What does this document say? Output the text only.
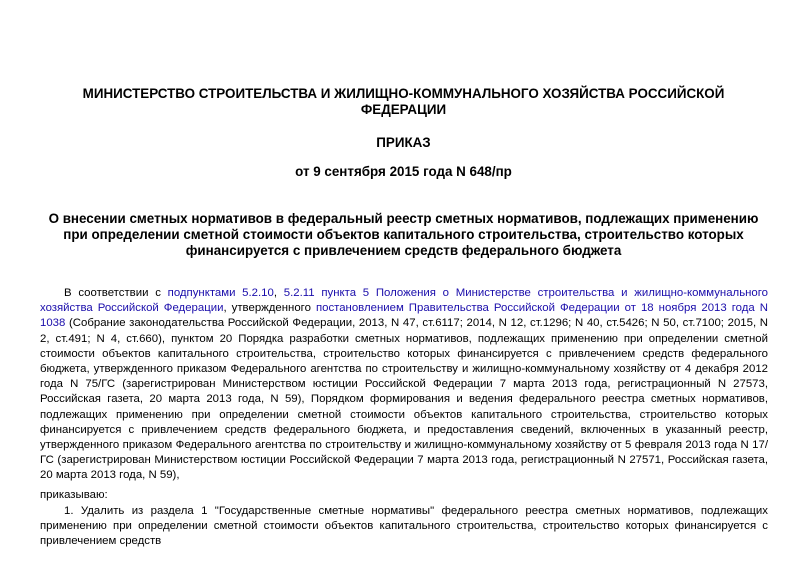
МИНИСТЕРСТВО СТРОИТЕЛЬСТВА И ЖИЛИЩНО-КОММУНАЛЬНОГО ХОЗЯЙСТВА РОССИЙСКОЙ ФЕДЕРАЦИИ

ПРИКАЗ

от 9 сентября 2015 года N 648/пр

О внесении сметных нормативов в федеральный реестр сметных нормативов, подлежащих применению при определении сметной стоимости объектов капитального строительства, строительство которых финансируется с привлечением средств федерального бюджета

В соответствии с подпунктами 5.2.10, 5.2.11 пункта 5 Положения о Министерстве строительства и жилищно-коммунального хозяйства Российской Федерации, утвержденного постановлением Правительства Российской Федерации от 18 ноября 2013 года N 1038 (Собрание законодательства Российской Федерации, 2013, N 47, ст.6117; 2014, N 12, ст.1296; N 40, ст.5426; N 50, ст.7100; 2015, N 2, ст.491; N 4, ст.660), пунктом 20 Порядка разработки сметных нормативов, подлежащих применению при определении сметной стоимости объектов капитального строительства, строительство которых финансируется с привлечением средств федерального бюджета, утвержденного приказом Федерального агентства по строительству и жилищно-коммунальному хозяйству от 4 декабря 2012 года N 75/ГС (зарегистрирован Министерством юстиции Российской Федерации 7 марта 2013 года, регистрационный N 27573, Российская газета, 20 марта 2013 года, N 59), Порядком формирования и ведения федерального реестра сметных нормативов, подлежащих применению при определении сметной стоимости объектов капитального строительства, строительство которых финансируется с привлечением средств федерального бюджета, и предоставления сведений, включенных в указанный реестр, утвержденного приказом Федерального агентства по строительству и жилищно-коммунальному хозяйству от 5 февраля 2013 года N 17/ГС (зарегистрирован Министерством юстиции Российской Федерации 7 марта 2013 года, регистрационный N 27571, Российская газета, 20 марта 2013 года, N 59),

приказываю:

1. Удалить из раздела 1 "Государственные сметные нормативы" федерального реестра сметных нормативов, подлежащих применению при определении сметной стоимости объектов капитального строительства, строительство которых финансируется с привлечением средств
